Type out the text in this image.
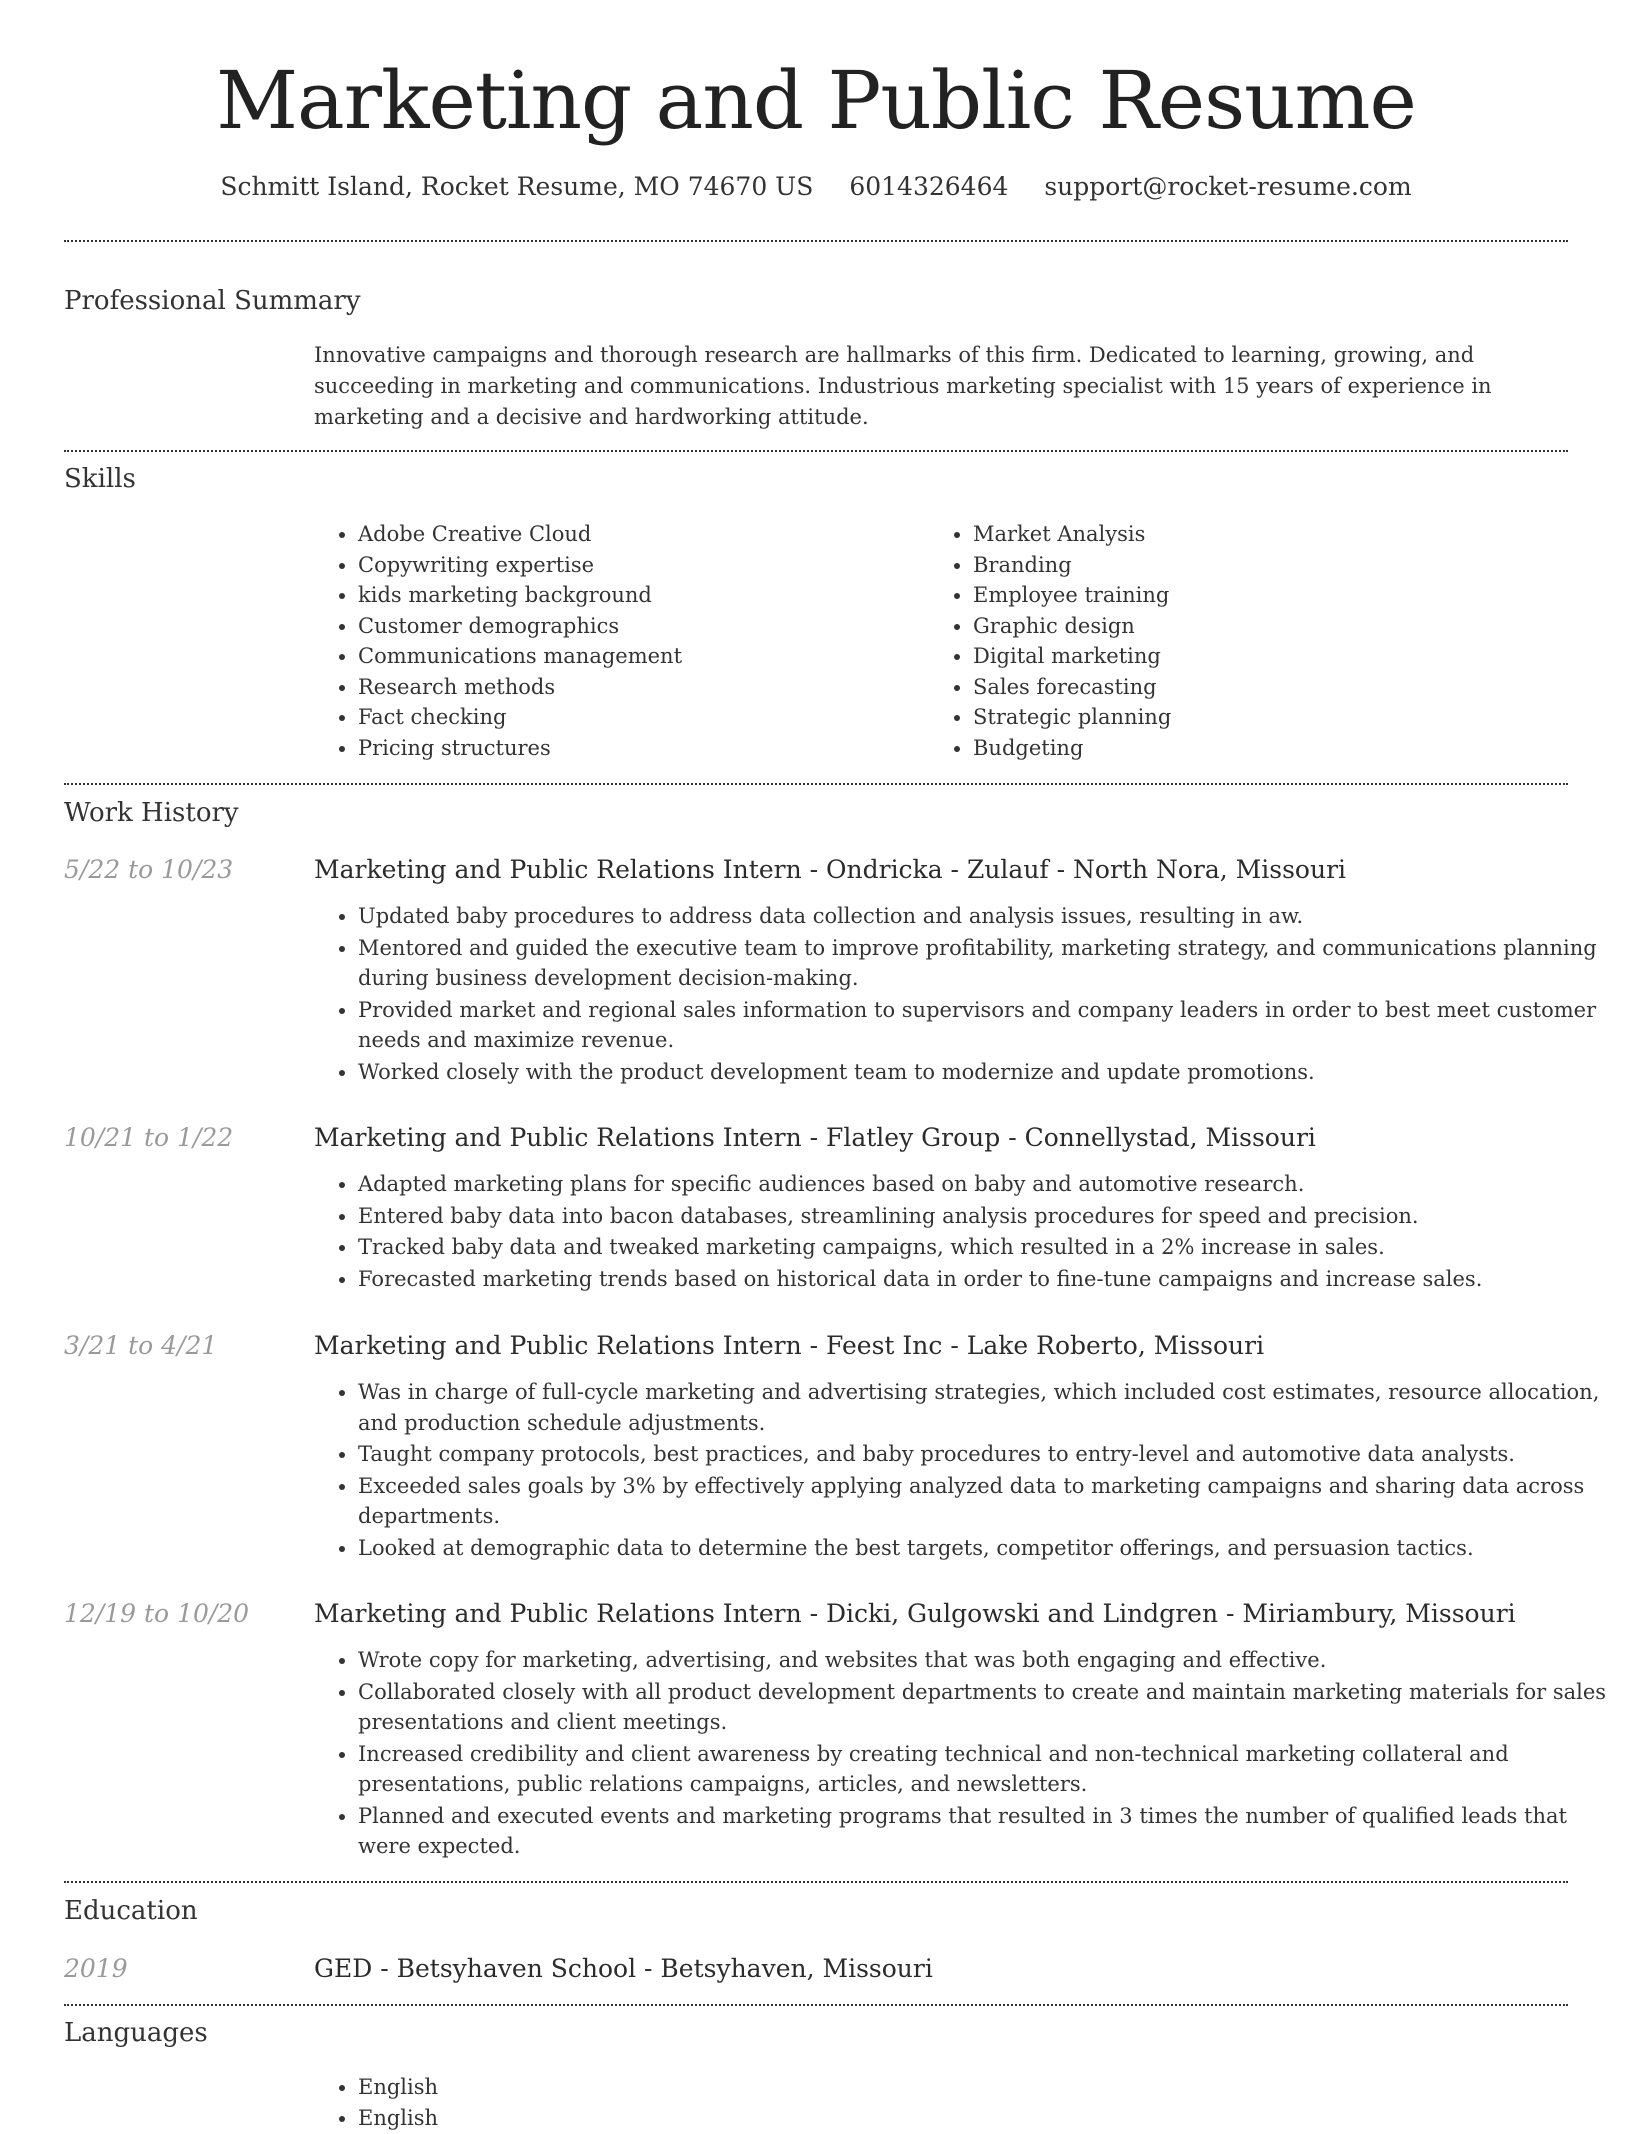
Marketing and Public Resume
Schmitt Island, Rocket Resume, MO 74670 US 6014326464 support@rocket-resume.com
Professional Summary

Innovative campaigns and thorough research are hallmarks of this firm. Dedicated to learning, growing, and succeeding in marketing and communications. Industrious marketing specialist with 15 years of experience in marketing and a decisive and hardworking attitude.

Skills
• Adobe Creative Cloud
• Copywriting expertise
• kids marketing background
• Customer demographics
• Communications management
• Research methods
• Fact checking
• Pricing structures
• Market Analysis
• Branding
• Employee training
• Graphic design
• Digital marketing
• Sales forecasting
• Strategic planning
• Budgeting
Work History
5/22 to 10/23	Marketing and Public Relations Intern - Ondricka - Zulauf - North Nora, Missouri
• Updated baby procedures to address data collection and analysis issues, resulting in aw.
• Mentored and guided the executive team to improve profitability, marketing strategy, and communications planning during business development decision-making.
• Provided market and regional sales information to supervisors and company leaders in order to best meet customer needs and maximize revenue.
• Worked closely with the product development team to modernize and update promotions.
10/21 to 1/22	Marketing and Public Relations Intern - Flatley Group - Connellystad, Missouri
• Adapted marketing plans for specific audiences based on baby and automotive research.
• Entered baby data into bacon databases, streamlining analysis procedures for speed and precision.
• Tracked baby data and tweaked marketing campaigns, which resulted in a 2% increase in sales.
• Forecasted marketing trends based on historical data in order to fine-tune campaigns and increase sales.
3/21 to 4/21	Marketing and Public Relations Intern - Feest Inc - Lake Roberto, Missouri
• Was in charge of full-cycle marketing and advertising strategies, which included cost estimates, resource allocation, and production schedule adjustments.
• Taught company protocols, best practices, and baby procedures to entry-level and automotive data analysts.
• Exceeded sales goals by 3% by effectively applying analyzed data to marketing campaigns and sharing data across departments.
• Looked at demographic data to determine the best targets, competitor offerings, and persuasion tactics.
12/19 to 10/20	Marketing and Public Relations Intern - Dicki, Gulgowski and Lindgren - Miriambury, Missouri
• Wrote copy for marketing, advertising, and websites that was both engaging and effective.
• Collaborated closely with all product development departments to create and maintain marketing materials for sales presentations and client meetings.
• Increased credibility and client awareness by creating technical and non-technical marketing collateral and presentations, public relations campaigns, articles, and newsletters.
• Planned and executed events and marketing programs that resulted in 3 times the number of qualified leads that were expected.
Education
2019	GED - Betsyhaven School - Betsyhaven, Missouri
Languages
• English
• English
